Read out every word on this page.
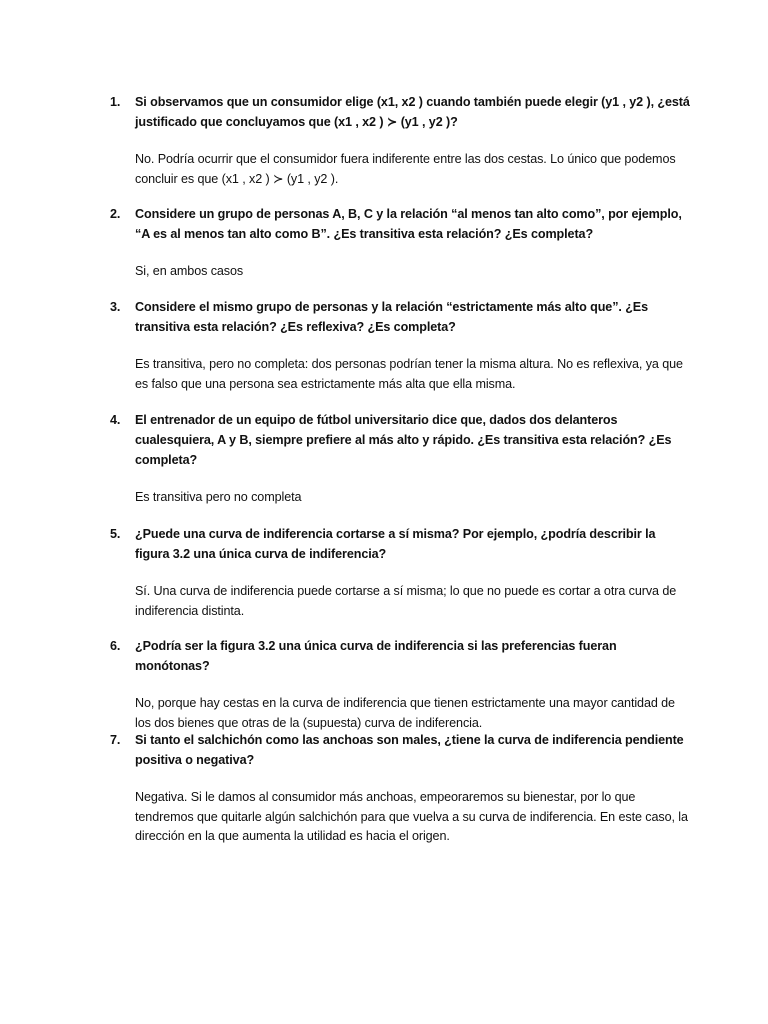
1.	Si observamos que un consumidor elige (x1, x2 ) cuando también puede elegir (y1 , y2 ), ¿está justificado que concluyamos que (x1 , x2 ) ≻ (y1 , y2 )?
No. Podría ocurrir que el consumidor fuera indiferente entre las dos cestas. Lo único que podemos concluir es que (x1 , x2 ) ≻ (y1 , y2 ).
2.	Considere un grupo de personas A, B, C y la relación “al menos tan alto como”, por ejemplo, “A es al menos tan alto como B”. ¿Es transitiva esta relación? ¿Es completa?
Si, en ambos casos
3.	Considere el mismo grupo de personas y la relación “estrictamente más alto que”. ¿Es transitiva esta relación? ¿Es reflexiva? ¿Es completa?
Es transitiva, pero no completa: dos personas podrían tener la misma altura. No es reflexiva, ya que es falso que una persona sea estrictamente más alta que ella misma.
4.	El entrenador de un equipo de fútbol universitario dice que, dados dos delanteros cualesquiera, A y B, siempre prefiere al más alto y rápido. ¿Es transitiva esta relación? ¿Es completa?
Es transitiva pero no completa
5.	¿Puede una curva de indiferencia cortarse a sí misma? Por ejemplo, ¿podría describir la figura 3.2 una única curva de indiferencia?
Sí. Una curva de indiferencia puede cortarse a sí misma; lo que no puede es cortar a otra curva de indiferencia distinta.
6.	¿Podría ser la figura 3.2 una única curva de indiferencia si las preferencias fueran monótonas?
No, porque hay cestas en la curva de indiferencia que tienen estrictamente una mayor cantidad de los dos bienes que otras de la (supuesta) curva de indiferencia.
7.	Si tanto el salchichón como las anchoas son males, ¿tiene la curva de indiferencia pendiente positiva o negativa?
Negativa. Si le damos al consumidor más anchoas, empeoraremos su bienestar, por lo que tendremos que quitarle algún salchichón para que vuelva a su curva de indiferencia. En este caso, la dirección en la que aumenta la utilidad es hacia el origen.
